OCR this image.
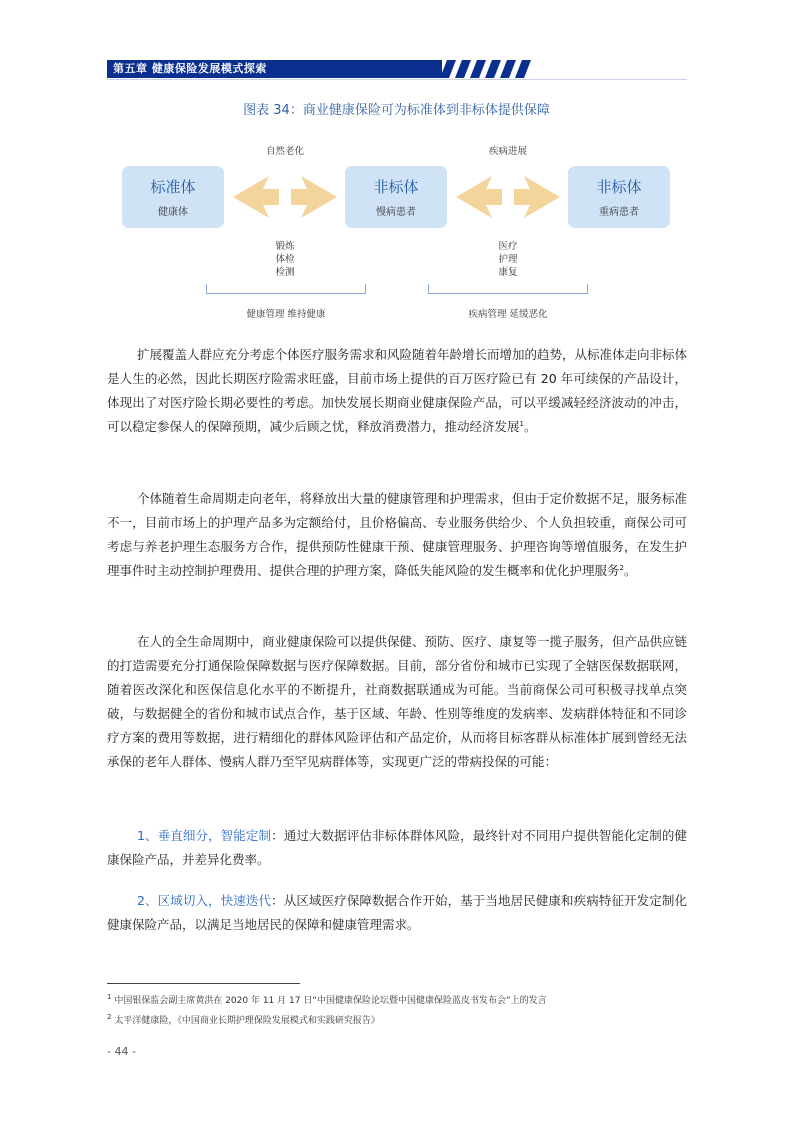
第五章 健康保险发展模式探索
图表 34：商业健康保险可为标准体到非标体提供保障
自然老化	疾病进展
标准体
健康体
非标体
慢病患者
非标体
重病患者
锻炼
体检
检测
医疗
护理
康复
健康管理 维持健康	疾病管理 延缓恶化

扩展覆盖人群应充分考虑个体医疗服务需求和风险随着年龄增长而增加的趋势，从标准体走向非标体是人生的必然，因此长期医疗险需求旺盛，目前市场上提供的百万医疗险已有 20 年可续保的产品设计，体现出了对医疗险长期必要性的考虑。加快发展长期商业健康保险产品，可以平缓减轻经济波动的冲击，可以稳定参保人的保障预期，减少后顾之忧，释放消费潜力，推动经济发展$^1$。

个体随着生命周期走向老年，将释放出大量的健康管理和护理需求，但由于定价数据不足，服务标准不一，目前市场上的护理产品多为定额给付，且价格偏高、专业服务供给少、个人负担较重，商保公司可考虑与养老护理生态服务方合作，提供预防性健康干预、健康管理服务、护理咨询等增值服务，在发生护理事件时主动控制护理费用、提供合理的护理方案，降低失能风险的发生概率和优化护理服务$^2$。

在人的全生命周期中，商业健康保险可以提供保健、预防、医疗、康复等一揽子服务，但产品供应链的打造需要充分打通保险保障数据与医疗保障数据。目前，部分省份和城市已实现了全辖医保数据联网，随着医改深化和医保信息化水平的不断提升，社商数据联通成为可能。当前商保公司可积极寻找单点突破，与数据健全的省份和城市试点合作，基于区域、年龄、性别等维度的发病率、发病群体特征和不同诊疗方案的费用等数据，进行精细化的群体风险评估和产品定价，从而将目标客群从标准体扩展到曾经无法承保的老年人群体、慢病人群乃至罕见病群体等，实现更广泛的带病投保的可能：

1、垂直细分，智能定制：通过大数据评估非标体群体风险，最终针对不同用户提供智能化定制的健康保险产品，并差异化费率。

2、区域切入，快速迭代：从区域医疗保障数据合作开始，基于当地居民健康和疾病特征开发定制化健康保险产品，以满足当地居民的保障和健康管理需求。

$^1$ 中国银保监会副主席黄洪在 2020 年 11 月 17 日“中国健康保险论坛暨中国健康保险蓝皮书发布会”上的发言
$^2$ 太平洋健康险，《中国商业长期护理保险发展模式和实践研究报告》
- 44 -
